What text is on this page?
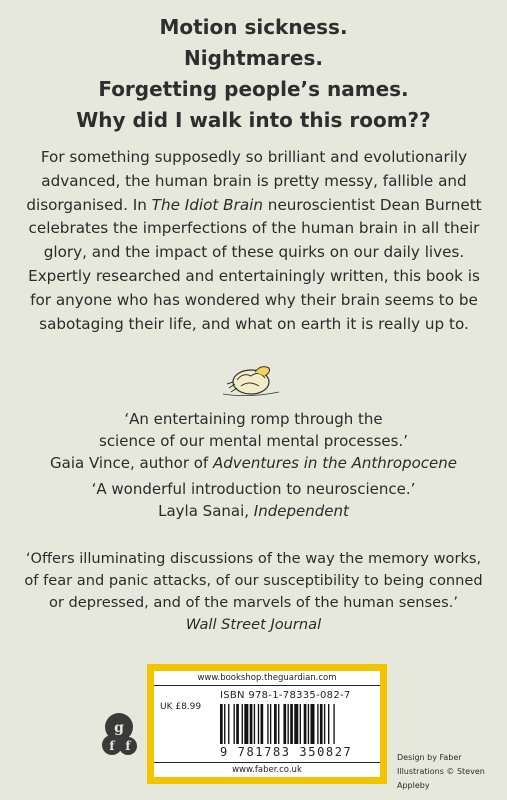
Motion sickness.
Nightmares.
Forgetting people’s names.
Why did I walk into this room??
For something supposedly so brilliant and evolutionarily advanced, the human brain is pretty messy, fallible and disorganised. In The Idiot Brain neuroscientist Dean Burnett celebrates the imperfections of the human brain in all their glory, and the impact of these quirks on our daily lives. Expertly researched and entertainingly written, this book is for anyone who has wondered why their brain seems to be sabotaging their life, and what on earth it is really up to.
‘An entertaining romp through the
science of our mental mental processes.’
Gaia Vince, author of Adventures in the Anthropocene
‘A wonderful introduction to neuroscience.’
Layla Sanai, Independent
‘Offers illuminating discussions of the way the memory works,
of fear and panic attacks, of our susceptibility to being conned
or depressed, and of the marvels of the human senses.’
Wall Street Journal
www.bookshop.theguardian.com
UK £8.99
ISBN 978-1-78335-082-7
9 781783 350827
www.faber.co.uk
g
f f
Design by Faber
Illustrations © Steven Appleby
